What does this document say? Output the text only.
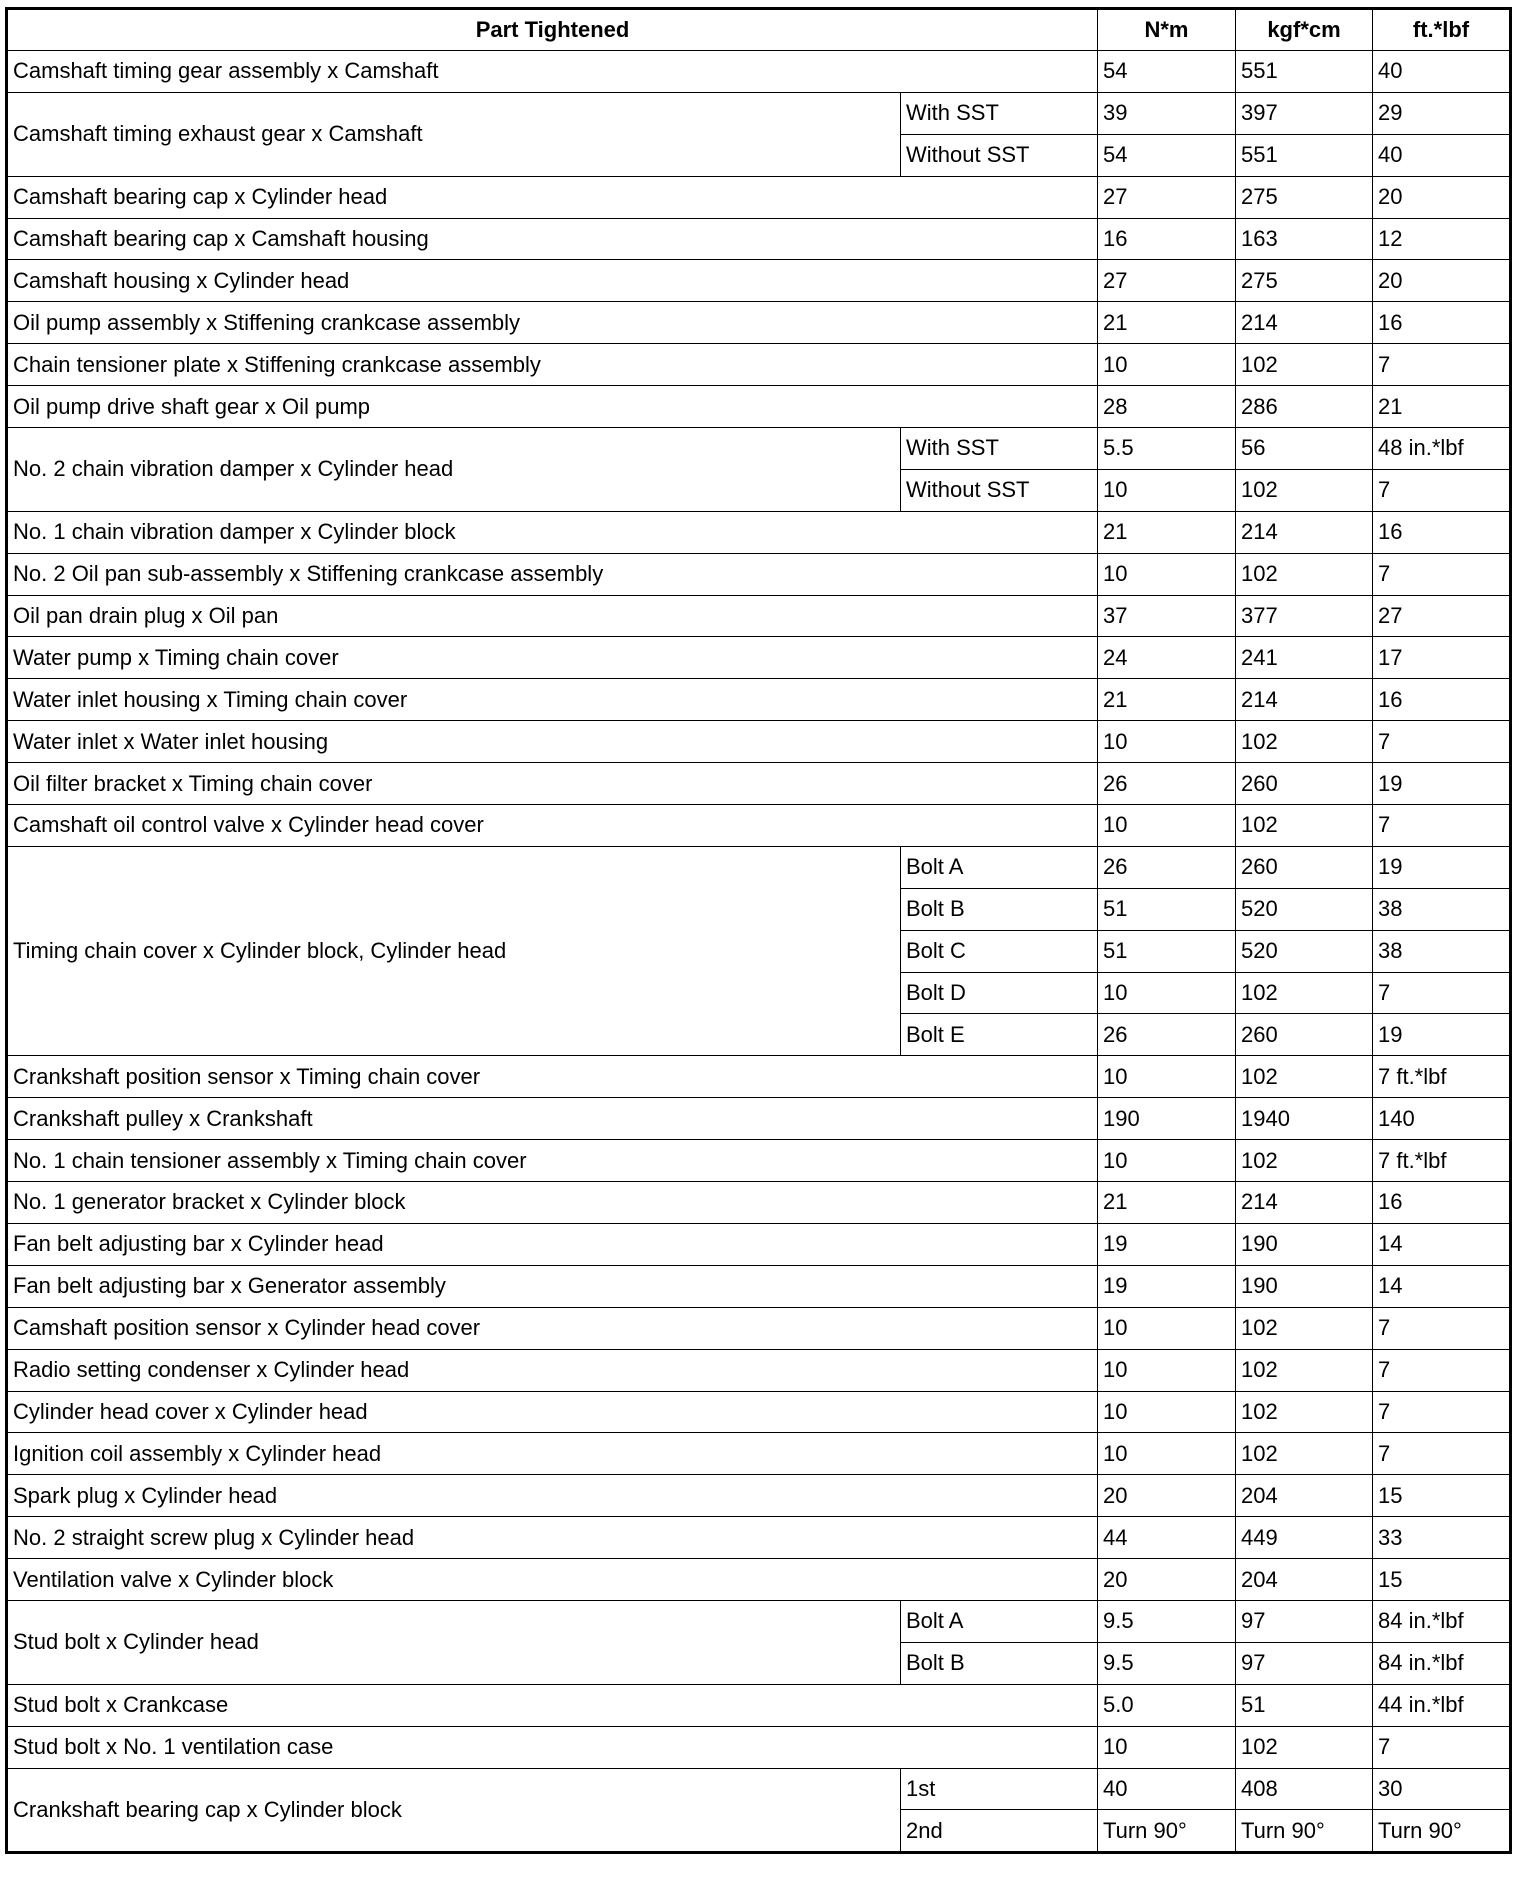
Part Tightened		N*m	kgf*cm	ft.*lbf
Camshaft timing gear assembly x Camshaft		54	551	40
Camshaft timing exhaust gear x Camshaft	With SST	39	397	29
	Without SST	54	551	40
Camshaft bearing cap x Cylinder head		27	275	20
Camshaft bearing cap x Camshaft housing		16	163	12
Camshaft housing x Cylinder head		27	275	20
Oil pump assembly x Stiffening crankcase assembly		21	214	16
Chain tensioner plate x Stiffening crankcase assembly		10	102	7
Oil pump drive shaft gear x Oil pump		28	286	21
No. 2 chain vibration damper x Cylinder head	With SST	5.5	56	48 in.*lbf
	Without SST	10	102	7
No. 1 chain vibration damper x Cylinder block		21	214	16
No. 2 Oil pan sub-assembly x Stiffening crankcase assembly		10	102	7
Oil pan drain plug x Oil pan		37	377	27
Water pump x Timing chain cover		24	241	17
Water inlet housing x Timing chain cover		21	214	16
Water inlet x Water inlet housing		10	102	7
Oil filter bracket x Timing chain cover		26	260	19
Camshaft oil control valve x Cylinder head cover		10	102	7
Timing chain cover x Cylinder block, Cylinder head	Bolt A	26	260	19
	Bolt B	51	520	38
	Bolt C	51	520	38
	Bolt D	10	102	7
	Bolt E	26	260	19
Crankshaft position sensor x Timing chain cover		10	102	7 ft.*lbf
Crankshaft pulley x Crankshaft		190	1940	140
No. 1 chain tensioner assembly x Timing chain cover		10	102	7 ft.*lbf
No. 1 generator bracket x Cylinder block		21	214	16
Fan belt adjusting bar x Cylinder head		19	190	14
Fan belt adjusting bar x Generator assembly		19	190	14
Camshaft position sensor x Cylinder head cover		10	102	7
Radio setting condenser x Cylinder head		10	102	7
Cylinder head cover x Cylinder head		10	102	7
Ignition coil assembly x Cylinder head		10	102	7
Spark plug x Cylinder head		20	204	15
No. 2 straight screw plug x Cylinder head		44	449	33
Ventilation valve x Cylinder block		20	204	15
Stud bolt x Cylinder head	Bolt A	9.5	97	84 in.*lbf
	Bolt B	9.5	97	84 in.*lbf
Stud bolt x Crankcase		5.0	51	44 in.*lbf
Stud bolt x No. 1 ventilation case		10	102	7
Crankshaft bearing cap x Cylinder block	1st	40	408	30
	2nd	Turn 90°	Turn 90°	Turn 90°
